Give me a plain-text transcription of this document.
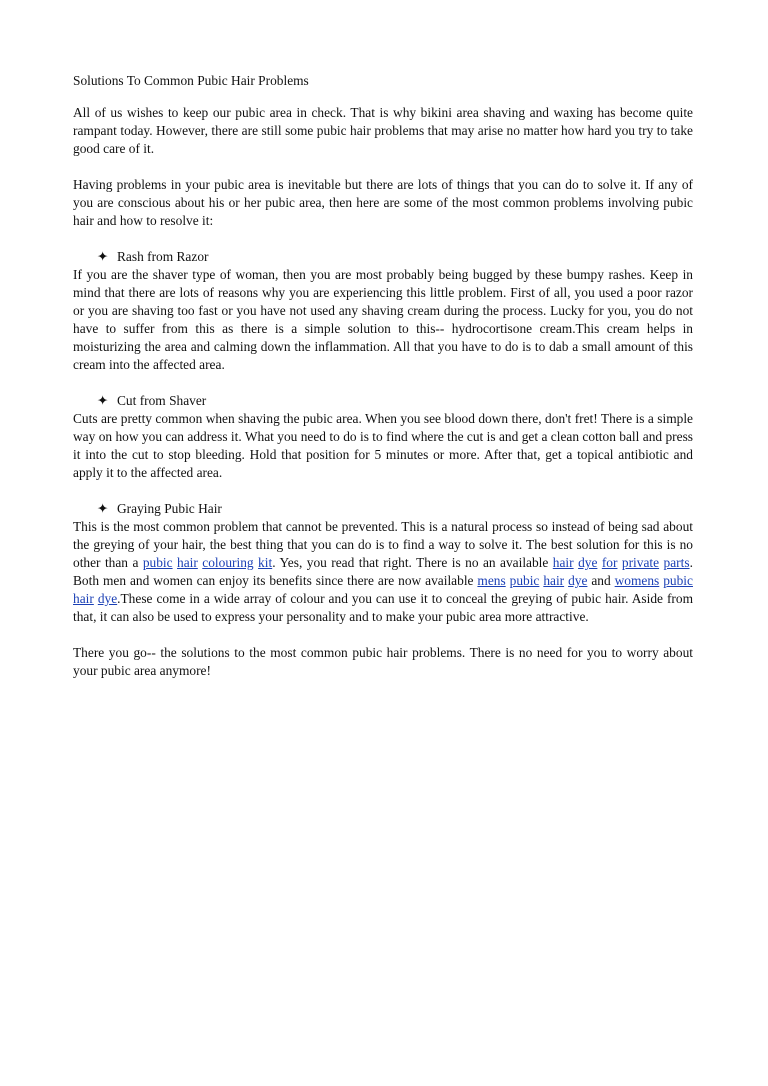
Solutions To Common Pubic Hair Problems

All of us wishes to keep our pubic area in check. That is why bikini area shaving and waxing has become quite rampant today. However, there are still some pubic hair problems that may arise no matter how hard you try to take good care of it.

Having problems in your pubic area is inevitable but there are lots of things that you can do to solve it. If any of you are conscious about his or her pubic area, then here are some of the most common problems involving pubic hair and how to resolve it:

✦ Rash from Razor

If you are the shaver type of woman, then you are most probably being bugged by these bumpy rashes. Keep in mind that there are lots of reasons why you are experiencing this little problem. First of all, you used a poor razor or you are shaving too fast or you have not used any shaving cream during the process. Lucky for you, you do not have to suffer from this as there is a simple solution to this-- hydrocortisone cream.This cream helps in moisturizing the area and calming down the inflammation. All that you have to do is to dab a small amount of this cream into the affected area.

✦ Cut from Shaver

Cuts are pretty common when shaving the pubic area. When you see blood down there, don't fret! There is a simple way on how you can address it. What you need to do is to find where the cut is and get a clean cotton ball and press it into the cut to stop bleeding. Hold that position for 5 minutes or more. After that, get a topical antibiotic and apply it to the affected area.

✦ Graying Pubic Hair

This is the most common problem that cannot be prevented. This is a natural process so instead of being sad about the greying of your hair, the best thing that you can do is to find a way to solve it. The best solution for this is no other than a pubic hair colouring kit. Yes, you read that right. There is no an available hair dye for private parts. Both men and women can enjoy its benefits since there are now available mens pubic hair dye and womens pubic hair dye.These come in a wide array of colour and you can use it to conceal the greying of pubic hair. Aside from that, it can also be used to express your personality and to make your pubic area more attractive.

There you go-- the solutions to the most common pubic hair problems. There is no need for you to worry about your pubic area anymore!
